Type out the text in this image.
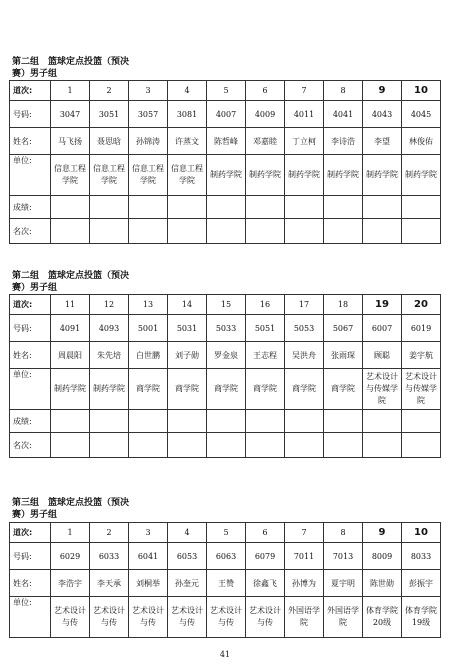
第二组　篮球定点投篮（预决
赛）男子组
道次:	1	2	3	4	5	6	7	8	9	10
号码:	3047	3051	3057	3081	4007	4009	4011	4041	4043	4045
姓名:	马飞扬	聂思晗	孙锦涛	许蒸文	陈哲峰	邓嘉睦	丁立柯	李诗浩	李望	林俊佑
单位:	信息工程学院	信息工程学院	信息工程学院	信息工程学院	制药学院	制药学院	制药学院	制药学院	制药学院	制药学院

成绩:										
名次:										
第二组　篮球定点投篮（预决
赛）男子组
道次:	11	12	13	14	15	16	17	18	19	20
号码:	4091	4093	5001	5031	5033	5051	5053	5067	6007	6019
姓名:	周晨阳	朱先培	白世鹏	刘子勋	罗金泉	王志程	吴洪舟	张雨琛	顾聪	姜宇航
单位:	制药学院	制药学院	商学院	商学院	商学院	商学院	商学院	商学院	艺术设计与传媒学院	艺术设计与传媒学院

成绩:										
名次:										
第三组　篮球定点投篮（预决
赛）男子组
道次:	1	2	3	4	5	6	7	8	9	10
号码:	6029	6033	6041	6053	6063	6079	7011	7013	8009	8033
姓名:	李浩宇	李天承	刘桐举	孙奎元	王赞	徐鑫飞	孙博为	夏宇明	陈世勋	彭振宇
单位:	艺术设计与传	艺术设计与传	艺术设计与传	艺术设计与传	艺术设计与传	艺术设计与传	外国语学院	外国语学院	体育学院20级	体育学院19级
41
